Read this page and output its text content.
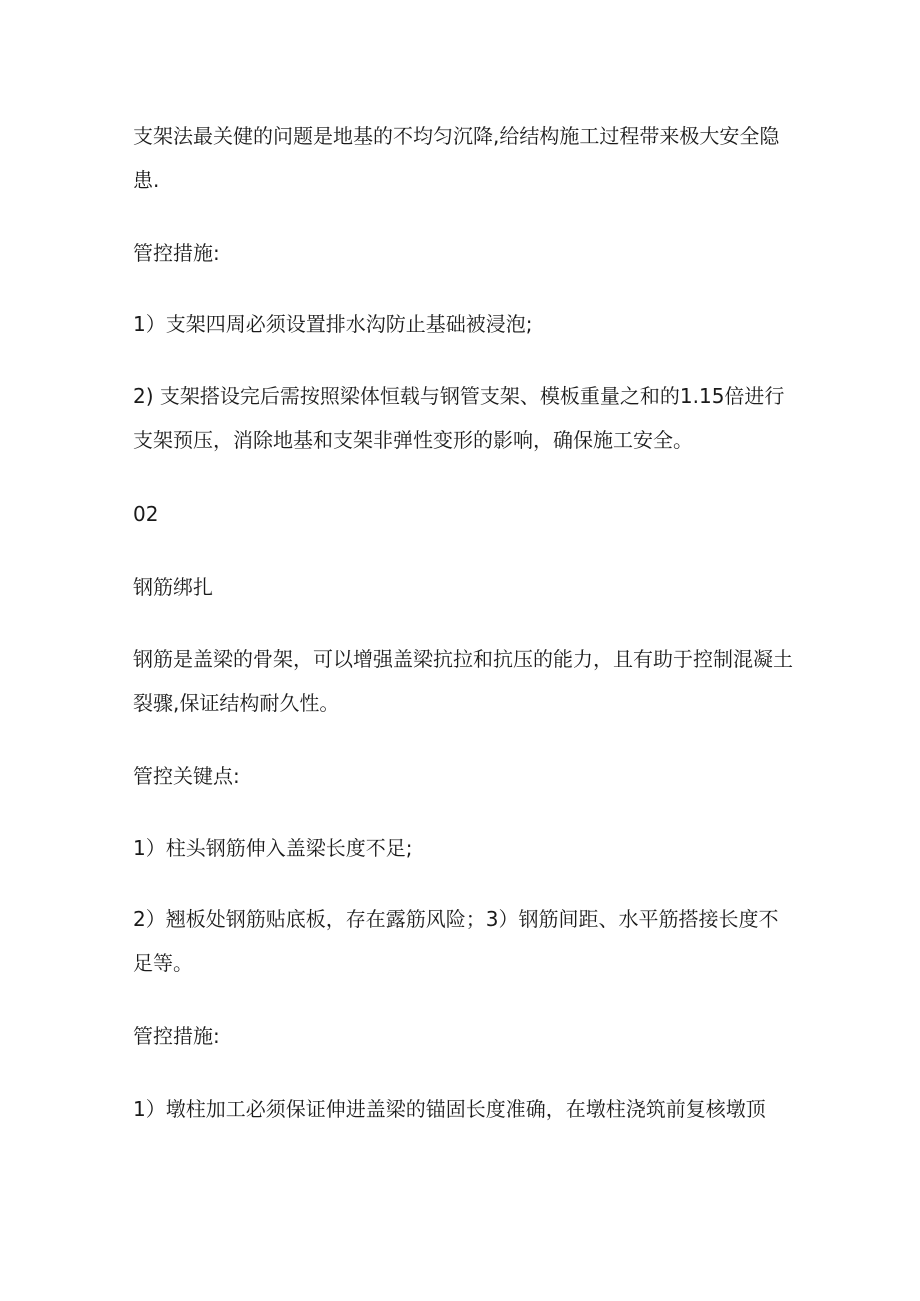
支架法最关健的问题是地基的不均匀沉降,给结构施工过程带来极大安全隐患.

管控措施:

1）支架四周必须设置排水沟防止基础被浸泡;

2) 支架搭设完后需按照梁体恒载与钢管支架、模板重量之和的1.15倍进行支架预压，消除地基和支架非弹性变形的影响，确保施工安全。

02

钢筋绑扎

钢筋是盖梁的骨架，可以增强盖梁抗拉和抗压的能力，且有助于控制混凝土裂骤,保证结构耐久性。

管控关键点:

1）柱头钢筋伸入盖梁长度不足;

2）翘板处钢筋贴底板，存在露筋风险；3）钢筋间距、水平筋搭接长度不足等。

管控措施:

1）墩柱加工必须保证伸进盖梁的锚固长度准确，在墩柱浇筑前复核墩顶
